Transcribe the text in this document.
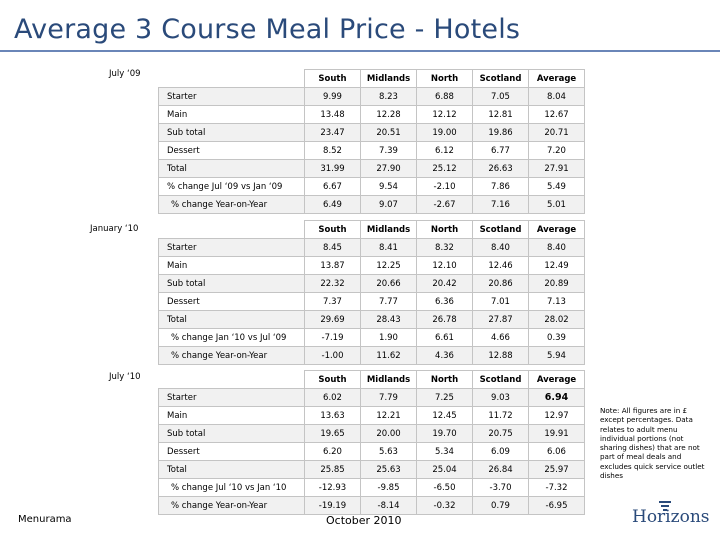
Average 3 Course Meal Price - Hotels
July ‘09
		South	Midlands	North	Scotland	Average
Starter	9.99	8.23	6.88	7.05	8.04
Main	13.48	12.28	12.12	12.81	12.67
Sub total	23.47	20.51	19.00	19.86	20.71
Dessert	8.52	7.39	6.12	6.77	7.20
Total	31.99	27.90	25.12	26.63	27.91
% change Jul ‘09 vs Jan ‘09	6.67	9.54	-2.10	7.86	5.49
% change Year-on-Year	6.49	9.07	-2.67	7.16	5.01
January ‘10
		South	Midlands	North	Scotland	Average
Starter	8.45	8.41	8.32	8.40	8.40
Main	13.87	12.25	12.10	12.46	12.49
Sub total	22.32	20.66	20.42	20.86	20.89
Dessert	7.37	7.77	6.36	7.01	7.13
Total	29.69	28.43	26.78	27.87	28.02
% change Jan ‘10 vs Jul ‘09	-7.19	1.90	6.61	4.66	0.39
% change Year-on-Year	-1.00	11.62	4.36	12.88	5.94
July ‘10
		South	Midlands	North	Scotland	Average
Starter	6.02	7.79	7.25	9.03	6.94
Main	13.63	12.21	12.45	11.72	12.97
Sub total	19.65	20.00	19.70	20.75	19.91
Dessert	6.20	5.63	5.34	6.09	6.06
Total	25.85	25.63	25.04	26.84	25.97
% change Jul ‘10 vs Jan ‘10	-12.93	-9.85	-6.50	-3.70	-7.32
% change Year-on-Year	-19.19	-8.14	-0.32	0.79	-6.95
Note: All figures are in £ except percentages. Data relates to adult menu individual portions (not sharing dishes) that are not part of meal deals and excludes quick service outlet dishes
Menurama	October 2010	Horizons
